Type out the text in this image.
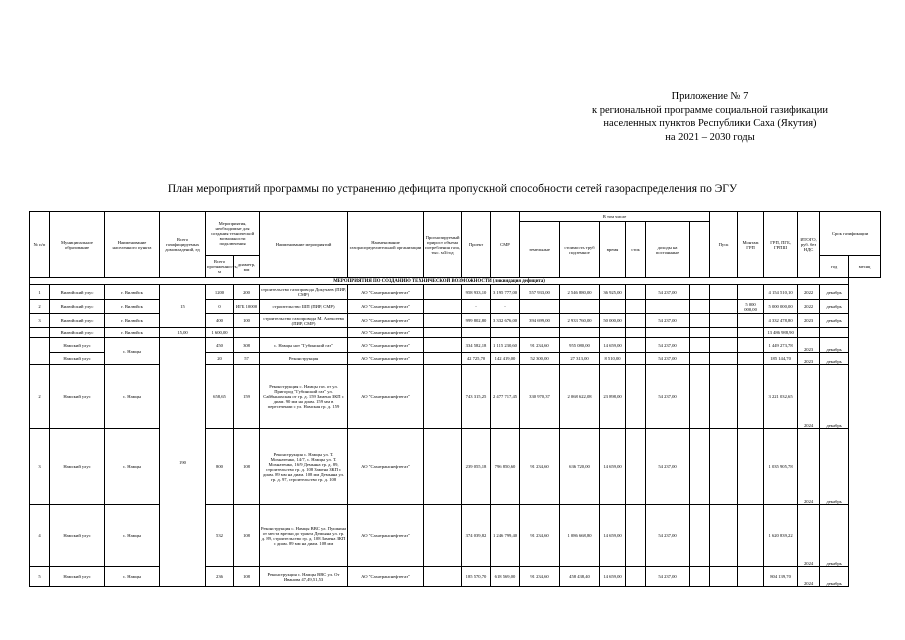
Приложение № 7
к региональной программе социальной газификации
населенных пунктов Республики Саха (Якутия)
на 2021 – 2030 годы
План мероприятий программы по устранению дефицита пропускной способности сетей газораспределения по ЭГУ
№ п/п	Муниципальное образование	Наименование населенного пункта	Всего газифицируемых домовладений, ед	Мероприятия, необходимые для создания технической возможности подключения		Наименование мероприятий	Наименование газораспределительной организации	Прогнозируемый прирост объема потребления газа, тыс. м3/год	Проект	СМР	В том числе						Пуск	Монтаж ГРП	ГРП, ПГБ, ГРПШ	ИТОГО, руб. без НДС	Срок газификации	
											земельные	стоимость труб подземное	время	сток	доходы на постоянные							
				Всего протяженность, м	диаметр, мм																год	месяц
МЕРОПРИЯТИЯ ПО СОЗДАНИЮ ТЕХНИЧЕСКОЙ ВОЗМОЖНОСТИ (ликвидация дефицита)																						
1	Вилюйский улус	г. Вилюйск	15	1200	200	строительство газопровода Докучаев (ПИР, СМР)	АО "Сахатранснефтегаз"		958 933,10	3 195 777,00	557 933,00	2 546 880,00	36 925,00		54 237,00				4 154 510,10	2022	декабрь	
2	Вилюйский улус	г. Вилюйск		0	ИГБ 10000	строительство ШП (ПИР, СМР)	АО "Сахатранснефтегаз"		-	-								5 000 000,00	5 000 000,00	2022	декабрь	
3	Вилюйский улус	г. Вилюйск		400	100	строительство газопровода М. Алексеева (ПИР, СМР)	АО "Сахатранснефтегаз"		999 802,80	3 332 676,00	394 699,00	2 933 760,00	50 000,00		54 237,00				4 332 478,80	2023	декабрь	
	Вилюйский улус	г. Вилюйск	15,00	1 600,00			АО "Сахатранснефтегаз"												13 486 988,90			
	Намский улус	с. Намцы	190	450	308	с. Намцы нот "Губинский газ"	АО "Сахатранснефтегаз"		334 582,18	1 115 230,60	91 234,60	955 080,00	14 659,00		54 237,00				1 449 273,78	2023	декабрь	
	Намский улус			20	57	Реконструкция	АО "Сахатранснефтегаз"		42 725,70	142 419,00	52 300,00	27 313,00	8 510,00		54 237,00				185 144,70	2023	декабрь	
2	Намский улус	с. Намцы		658,65	159	Реконструкция с. Намцы газ. от ул. Пригород "Губинский газ" ул. Сайбынахская от гр. д. 159 Замена ЗКП с диам. 90 мм на диам. 159 мм в пересечении с ул. Намская гр. д. 159	АО "Сахатранснефтегаз"		743 315,25	2 477 717,45	330 970,37	2 068 622,08	23 898,00		54 237,00				3 221 032,65	2024	декабрь	
3	Намский улус	с. Намцы		800	108	Реконструкция с. Намцы ул. Т. Мохнатенко, 14/7, с. Намцы ул. Т. Мохнатенко, 16/9 Демьяна гр. д. 89, строительство гр. д. 108 Замена ЗКП с диам. 89 мм на диам. 108 мм Демьяна ул. гр. д. 97, строительство гр. д. 108	АО "Сахатранснефтегаз"		239 055,18	796 850,60	91 234,60	636 720,00	14 659,00		54 237,00				1 035 905,78	2024	декабрь	
4	Намский улус	с. Намцы		532	108	Реконструкция с. Намцы ВВС ул. Пушкина от места врезки до тракта Демьяна ул. гр. д. 89, строительство гр. д. 108 Замена ЗКП с диам. 89 мм на диам. 108 мм	АО "Сахатранснефтегаз"		374 039,82	1 246 799,40	91 234,60	1 086 668,80	14 659,00		54 237,00				1 620 839,22	2024	декабрь	
5	Намский улус	с. Намцы		236	108	Реконструкция с. Намцы ВВС ул. От Иванова 47,49,51,53	АО "Сахатранснефтегаз"		185 570,70	618 569,00	91 234,60	458 438,40	14 659,00		54 237,00				804 139,70	2024	декабрь	
